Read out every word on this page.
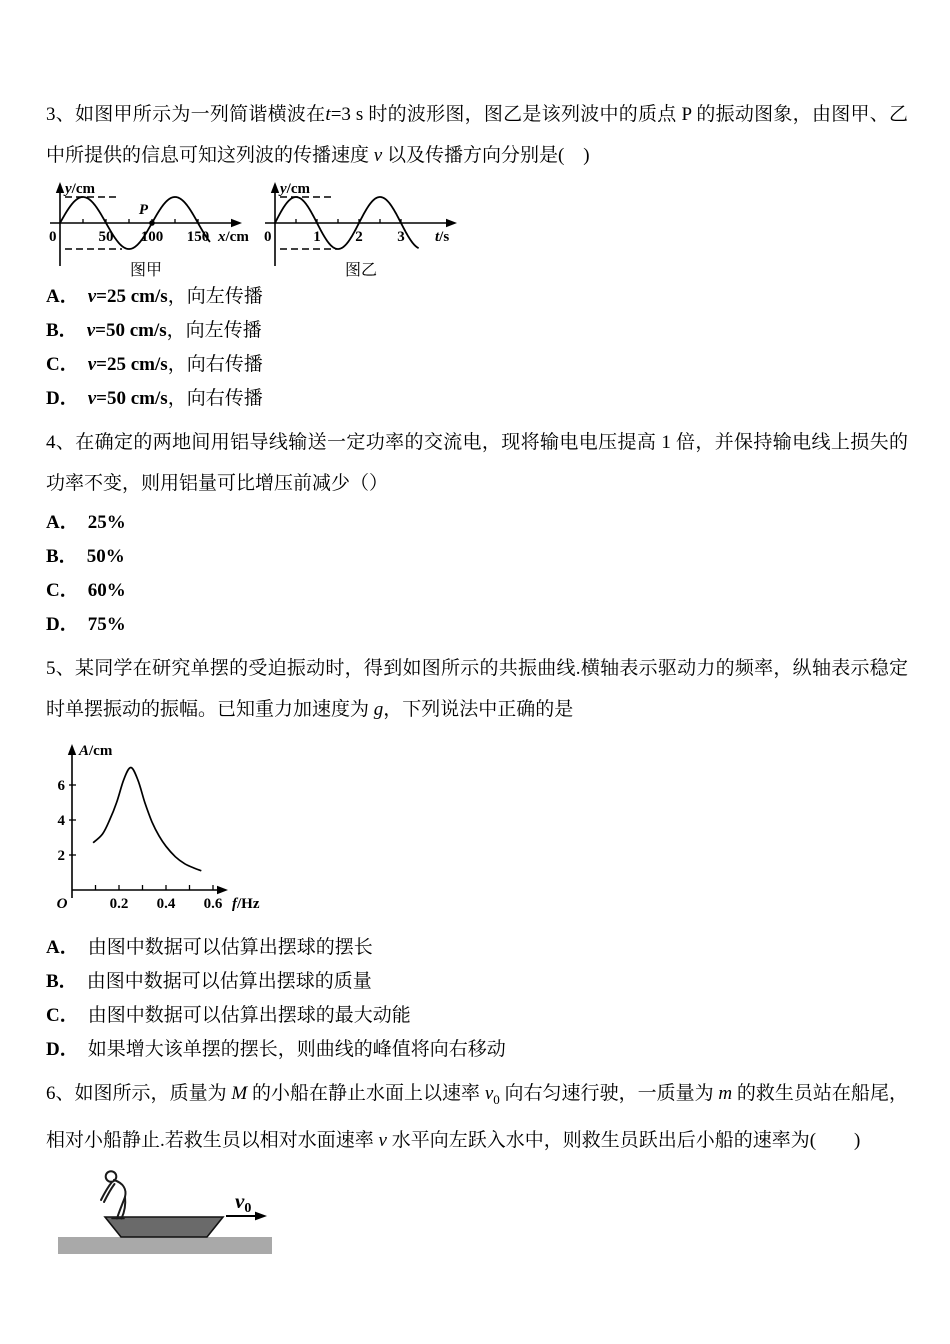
3、如图甲所示为一列简谐横波在t=3 s 时的波形图，图乙是该列波中的质点 P 的振动图象，由图甲、乙中所提供的信息可知这列波的传播速度 v 以及传播方向分别是(　)

0	50 100 150
y/cm
x/cm
P
图甲
0	1 2 3
y/cm
t/s
图乙

A． v=25 cm/s，向左传播

B． v=50 cm/s，向左传播

C． v=25 cm/s，向右传播

D． v=50 cm/s，向右传播

4、在确定的两地间用铝导线输送一定功率的交流电，现将输电电压提高 1 倍，并保持输电线上损失的功率不变，则用铝量可比增压前减少（）

A． 25%

B． 50%

C． 60%

D． 75%

5、某同学在研究单摆的受迫振动时，得到如图所示的共振曲线.横轴表示驱动力的频率，纵轴表示稳定时单摆振动的振幅。已知重力加速度为 g，下列说法中正确的是

2
4
6
0.2 0.4 0.6
O
A/cm
f/Hz

A． 由图中数据可以估算出摆球的摆长

B． 由图中数据可以估算出摆球的质量

C． 由图中数据可以估算出摆球的最大动能

D． 如果增大该单摆的摆长，则曲线的峰值将向右移动

6、如图所示，质量为 M 的小船在静止水面上以速率 $v_0$ 向右匀速行驶，一质量为 m 的救生员站在船尾，相对小船静止.若救生员以相对水面速率 v 水平向左跃入水中，则救生员跃出后小船的速率为(　　)

v0
